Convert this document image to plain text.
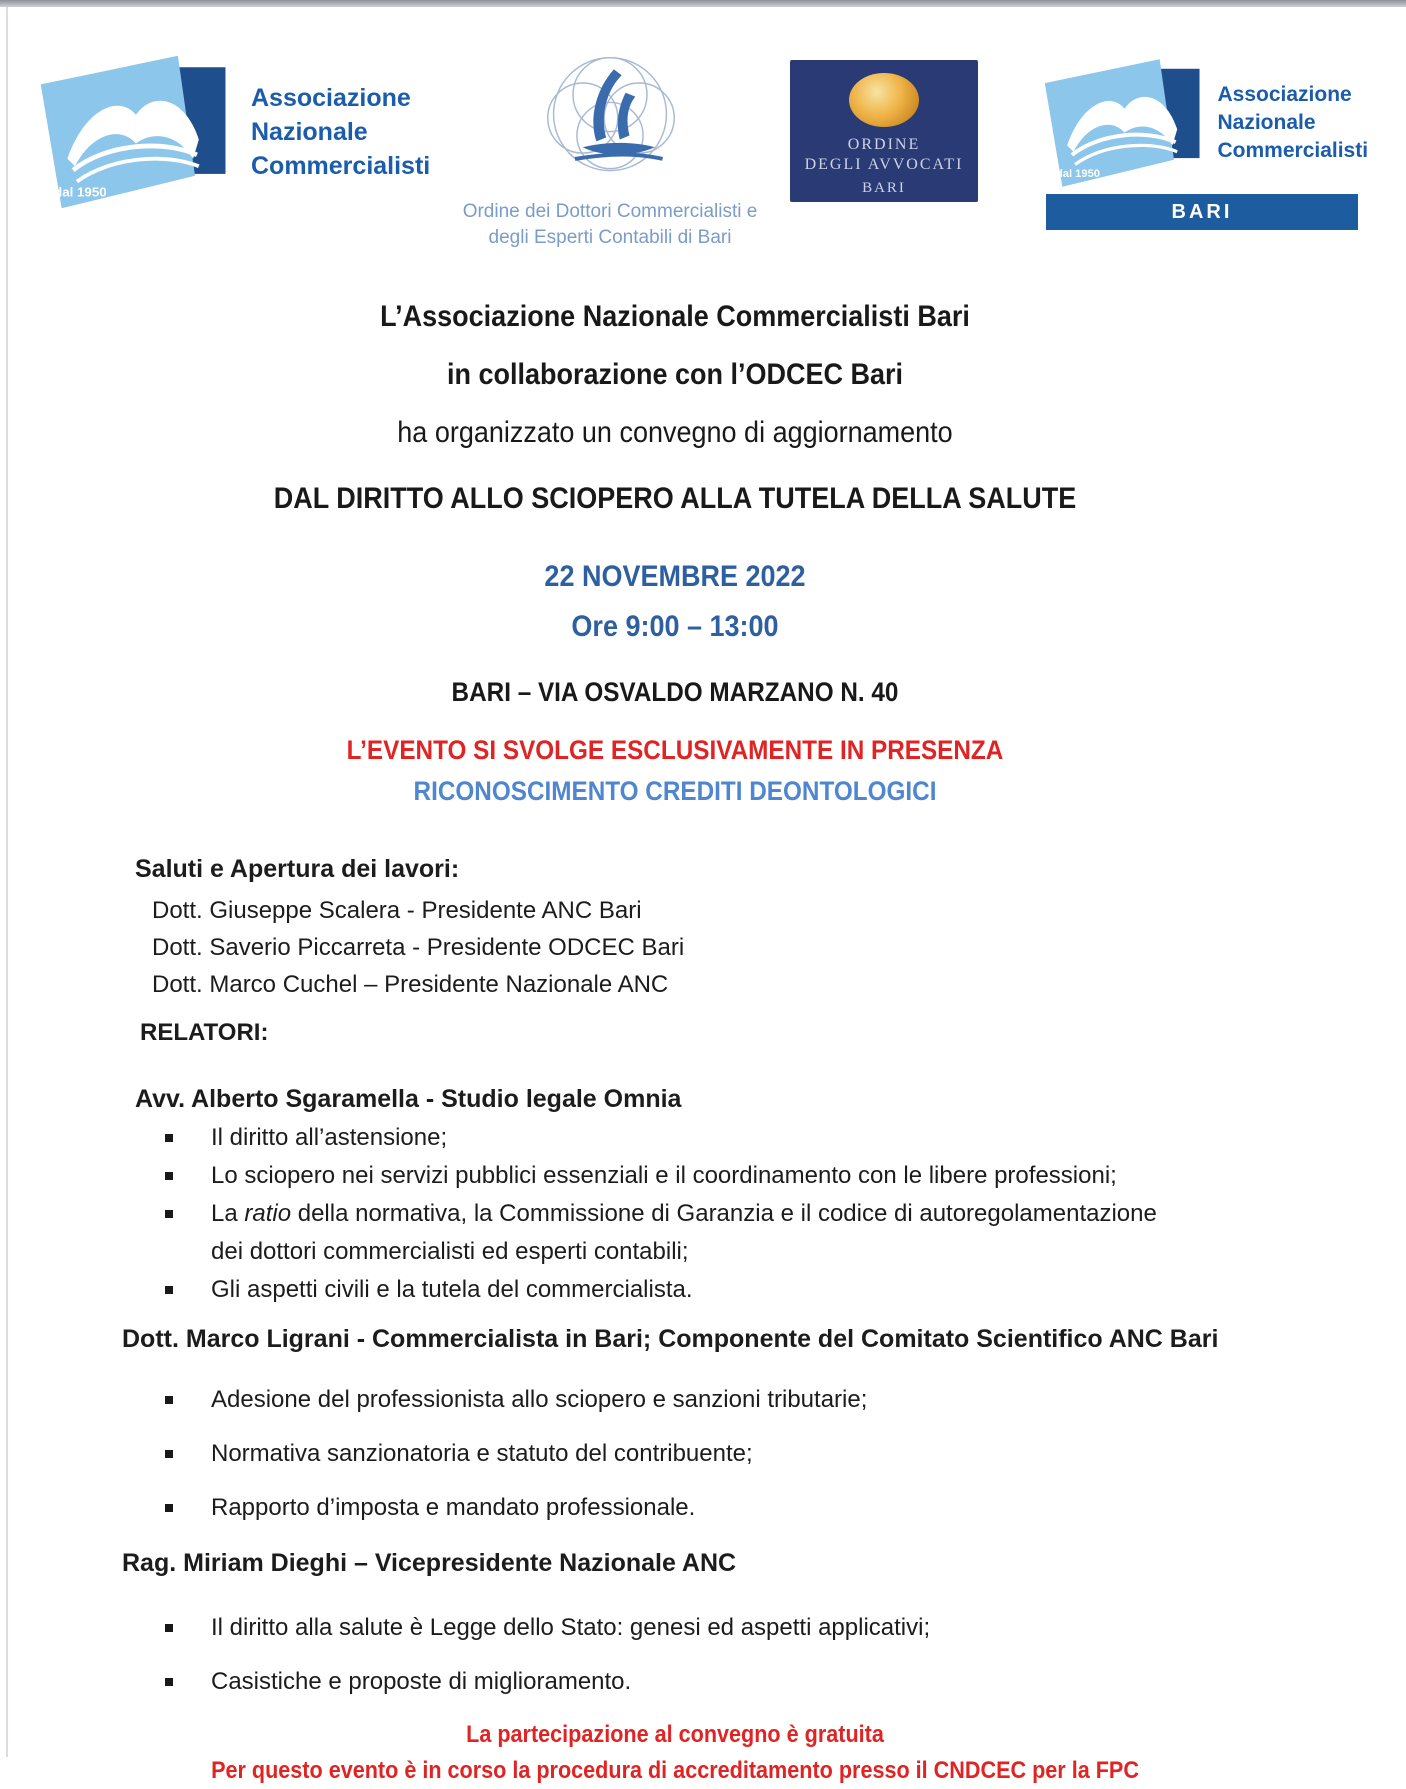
dal 1950
Associazione
Nazionale
Commercialisti
Ordine dei Dottori Commercialisti e
degli Esperti Contabili di Bari
ORDINE
DEGLI AVVOCATI
BARI
dal 1950
Associazione
Nazionale
Commercialisti
BARI
L’Associazione Nazionale Commercialisti Bari
in collaborazione con l’ODCEC Bari
ha organizzato un convegno di aggiornamento
DAL DIRITTO ALLO SCIOPERO ALLA TUTELA DELLA SALUTE
22 NOVEMBRE 2022
Ore 9:00 – 13:00
BARI – VIA OSVALDO MARZANO N. 40
L’EVENTO SI SVOLGE ESCLUSIVAMENTE IN PRESENZA
RICONOSCIMENTO CREDITI DEONTOLOGICI
Saluti e Apertura dei lavori:
Dott. Giuseppe Scalera - Presidente ANC Bari
Dott. Saverio Piccarreta - Presidente ODCEC Bari
Dott. Marco Cuchel – Presidente Nazionale ANC
RELATORI:
Avv. Alberto Sgaramella - Studio legale Omnia
Il diritto all’astensione;
Lo sciopero nei servizi pubblici essenziali e il coordinamento con le libere professioni;
La ratio della normativa, la Commissione di Garanzia e il codice di autoregolamentazione dei dottori commercialisti ed esperti contabili;
Gli aspetti civili e la tutela del commercialista.
Dott. Marco Ligrani - Commercialista in Bari; Componente del Comitato Scientifico ANC Bari
Adesione del professionista allo sciopero e sanzioni tributarie;
Normativa sanzionatoria e statuto del contribuente;
Rapporto d’imposta e mandato professionale.
Rag. Miriam Dieghi – Vicepresidente Nazionale ANC
Il diritto alla salute è Legge dello Stato: genesi ed aspetti applicativi;
Casistiche e proposte di miglioramento.
La partecipazione al convegno è gratuita
Per questo evento è in corso la procedura di accreditamento presso il CNDCEC per la FPC
